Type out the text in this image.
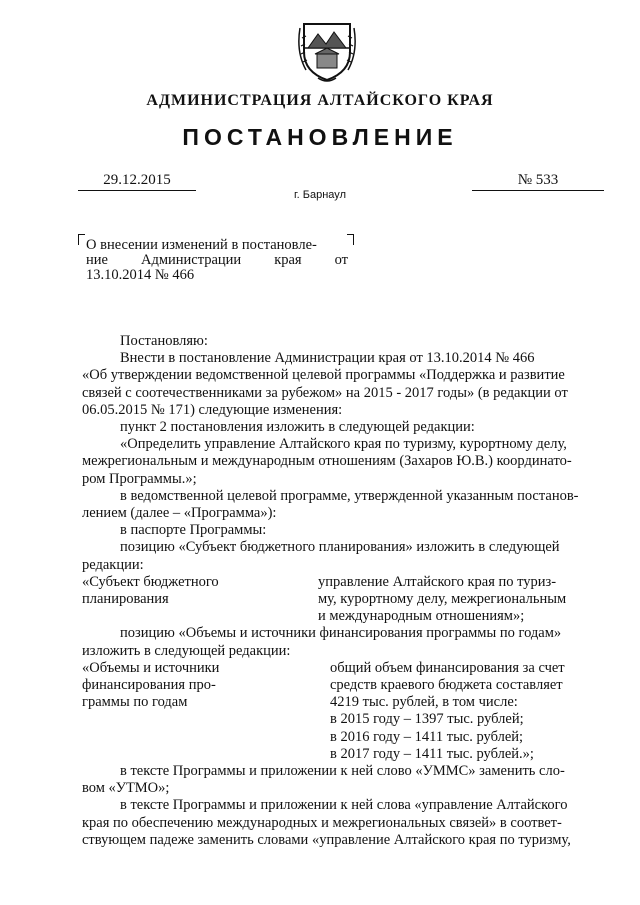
АДМИНИСТРАЦИЯ АЛТАЙСКОГО КРАЯ
ПОСТАНОВЛЕНИЕ
29.12.2015	№ 533
г. Барнаул
О внесении изменений в постановле-
ние Администрации края от
13.10.2014 № 466
Постановляю:
Внести в постановление Администрации края от 13.10.2014 № 466
«Об утверждении ведомственной целевой программы «Поддержка и развитие
связей с соотечественниками за рубежом» на 2015 - 2017 годы» (в редакции от
06.05.2015 № 171) следующие изменения:
пункт 2 постановления изложить в следующей редакции:
«Определить управление Алтайского края по туризму, курортному делу,
межрегиональным и международным отношениям (Захаров Ю.В.) координато-
ром Программы.»;
в ведомственной целевой программе, утвержденной указанным постанов-
лением (далее – «Программа»):
в паспорте Программы:
позицию «Субъект бюджетного планирования» изложить в следующей
редакции:
«Субъект бюджетного
планирования
управление Алтайского края по туриз-
му, курортному делу, межрегиональным
и международным отношениям»;
позицию «Объемы и источники финансирования программы по годам»
изложить в следующей редакции:
«Объемы и источники
финансирования про-
граммы по годам
общий объем финансирования за счет
средств краевого бюджета составляет
4219 тыс. рублей, в том числе:
в 2015 году – 1397 тыс. рублей;
в 2016 году – 1411 тыс. рублей;
в 2017 году – 1411 тыс. рублей.»;
в тексте Программы и приложении к ней слово «УММС» заменить сло-
вом «УТМО»;
в тексте Программы и приложении к ней слова «управление Алтайского
края по обеспечению международных и межрегиональных связей» в соответ-
ствующем падеже заменить словами «управление Алтайского края по туризму,
